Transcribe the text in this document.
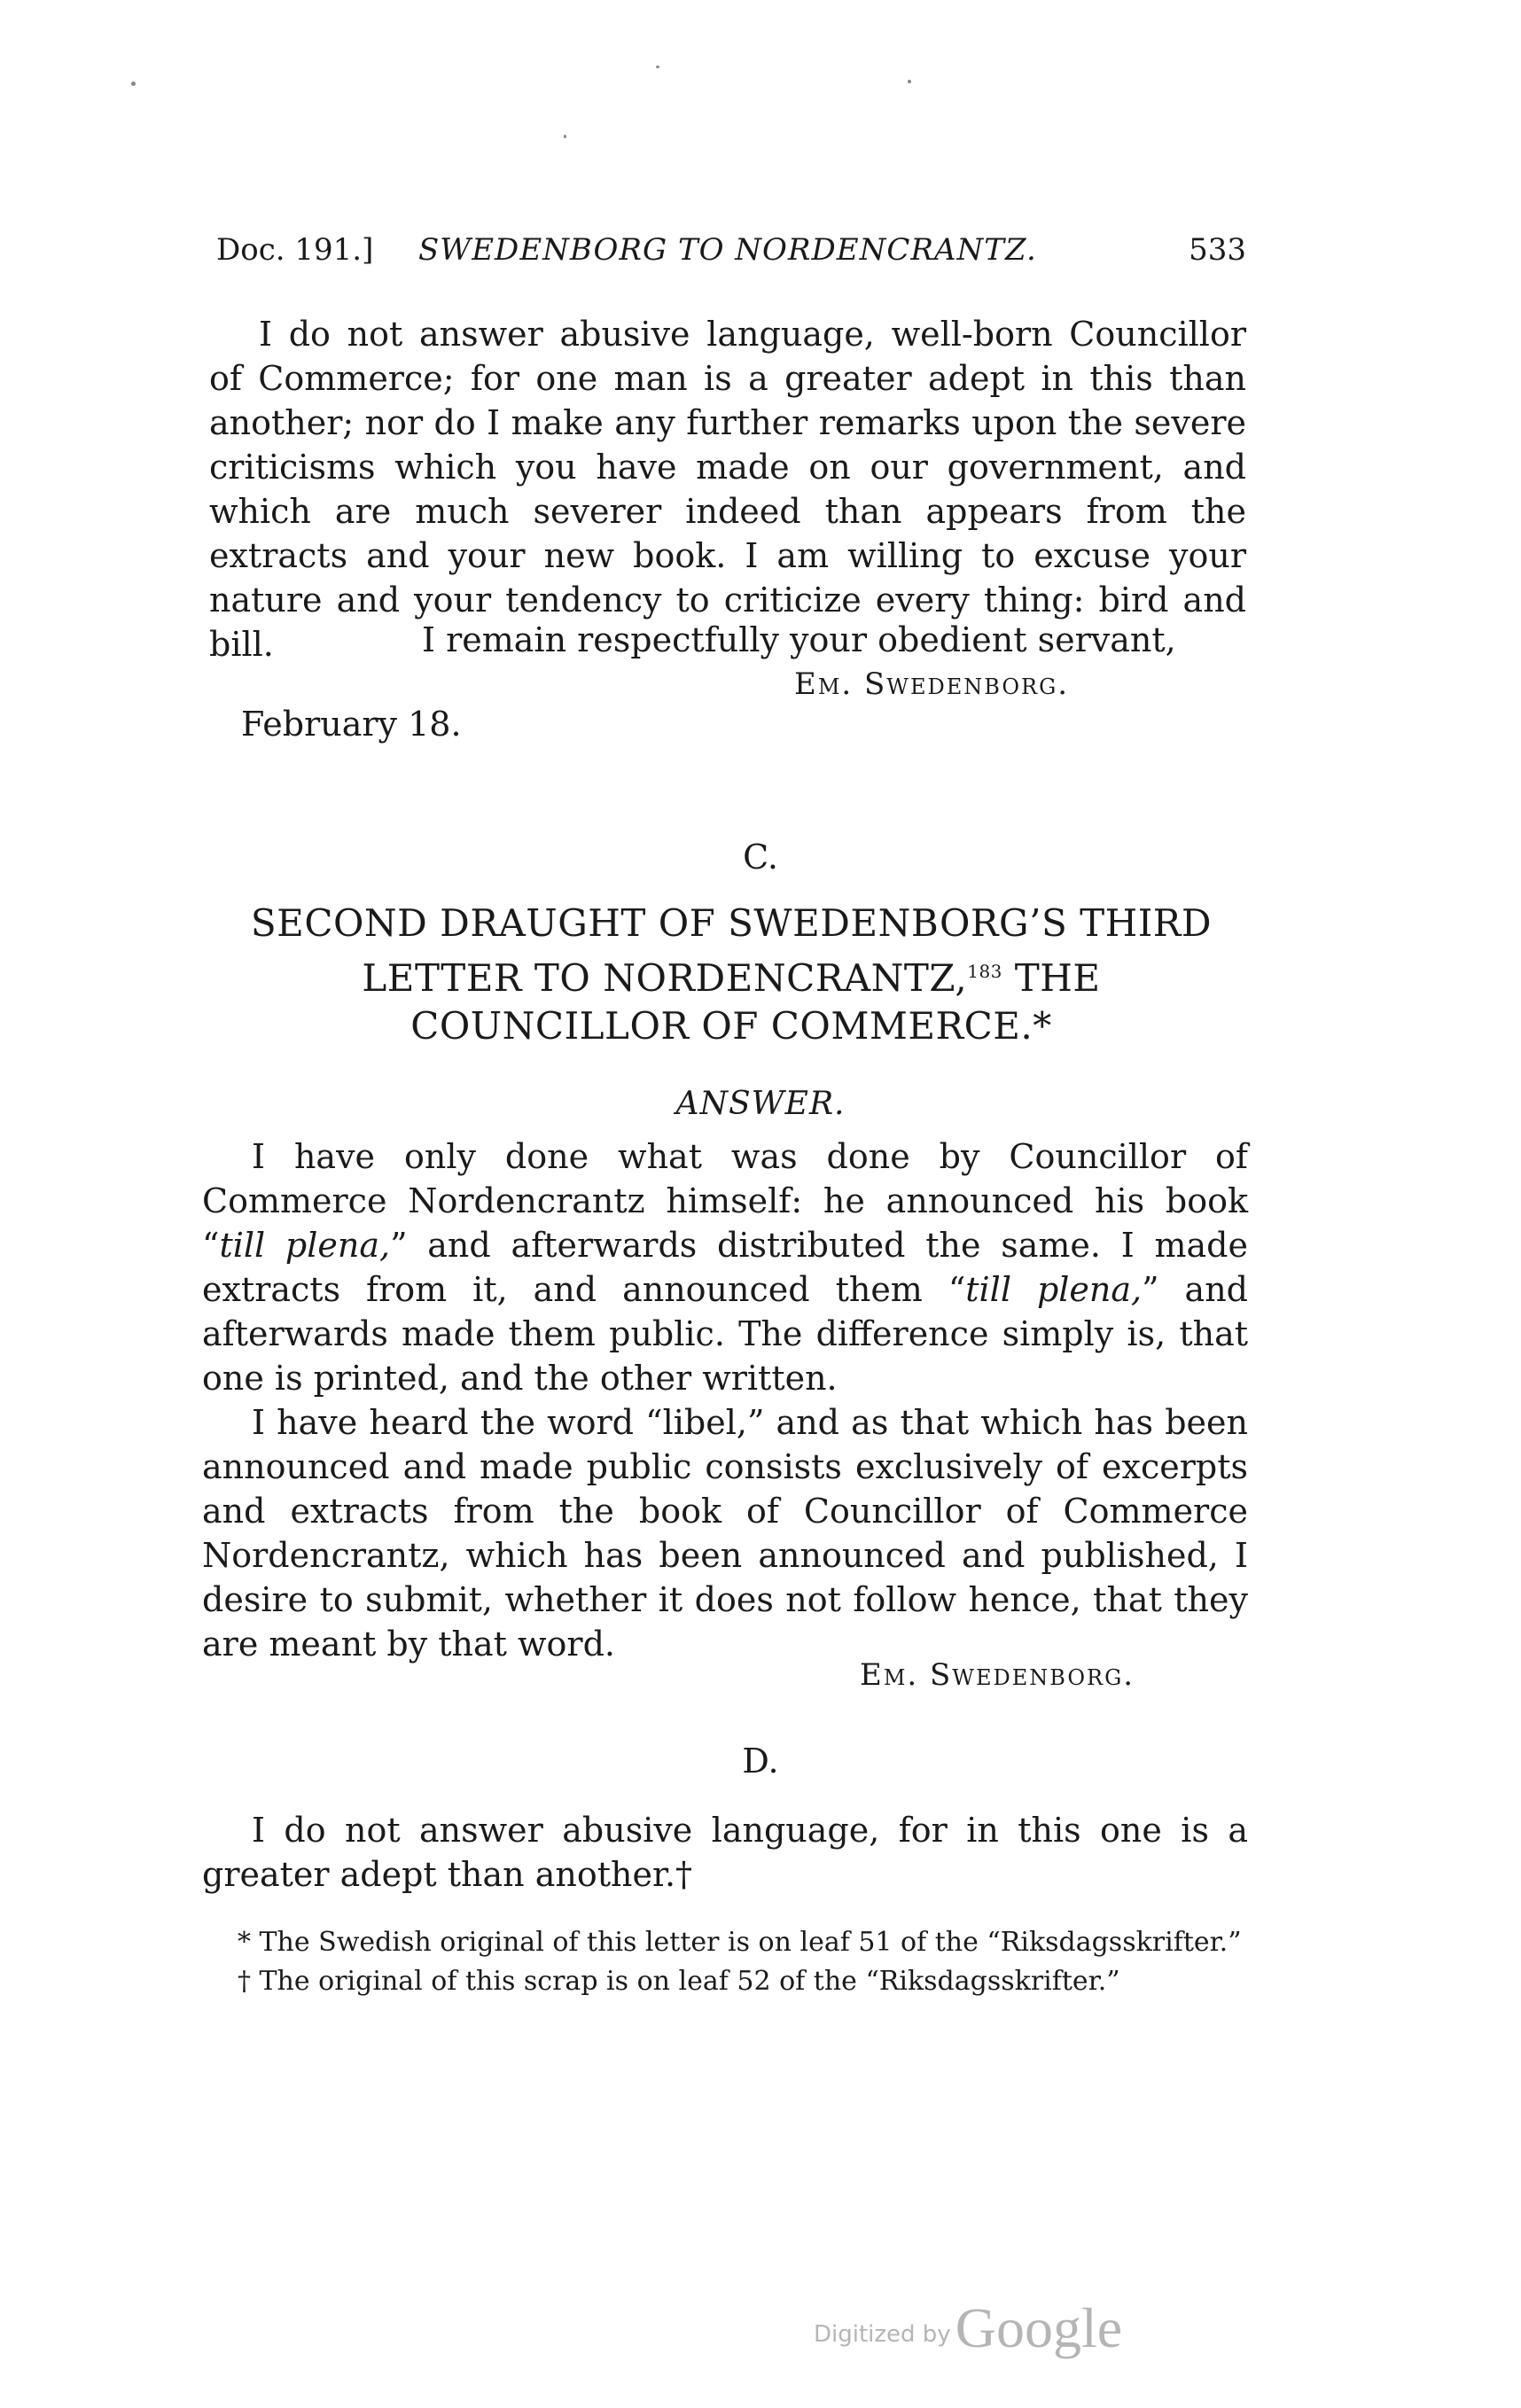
Doc. 191.] SWEDENBORG TO NORDENCRANTZ.	533

I do not answer abusive language, well-born Councillor of Commerce; for one man is a greater adept in this than another; nor do I make any further remarks upon the severe criticisms which you have made on our government, and which are much severer indeed than appears from the extracts and your new book. I am willing to excuse your nature and your tendency to criticize every thing: bird and bill.	I remain respectfully your obedient servant,
Em. Swedenborg.
February 18.
C.
SECOND DRAUGHT OF SWEDENBORG’S THIRD
LETTER TO NORDENCRANTZ,$^{183}$ THE
COUNCILLOR OF COMMERCE.*
ANSWER.

I have only done what was done by Councillor of Commerce Nordencrantz himself: he announced his book “till plena,” and afterwards distributed the same. I made extracts from it, and announced them “till plena,” and afterwards made them public. The difference simply is, that one is printed, and the other written.

I have heard the word “libel,” and as that which has been announced and made public consists exclusively of excerpts and extracts from the book of Councillor of Commerce Nordencrantz, which has been announced and published, I desire to submit, whether it does not follow hence, that they are meant by that word.

Em. Swedenborg.
D.

I do not answer abusive language, for in this one is a greater adept than another.†

* The Swedish original of this letter is on leaf 51 of the “Riksdagsskrifter.”

† The original of this scrap is on leaf 52 of the “Riksdagsskrifter.”

Digitized by Google
